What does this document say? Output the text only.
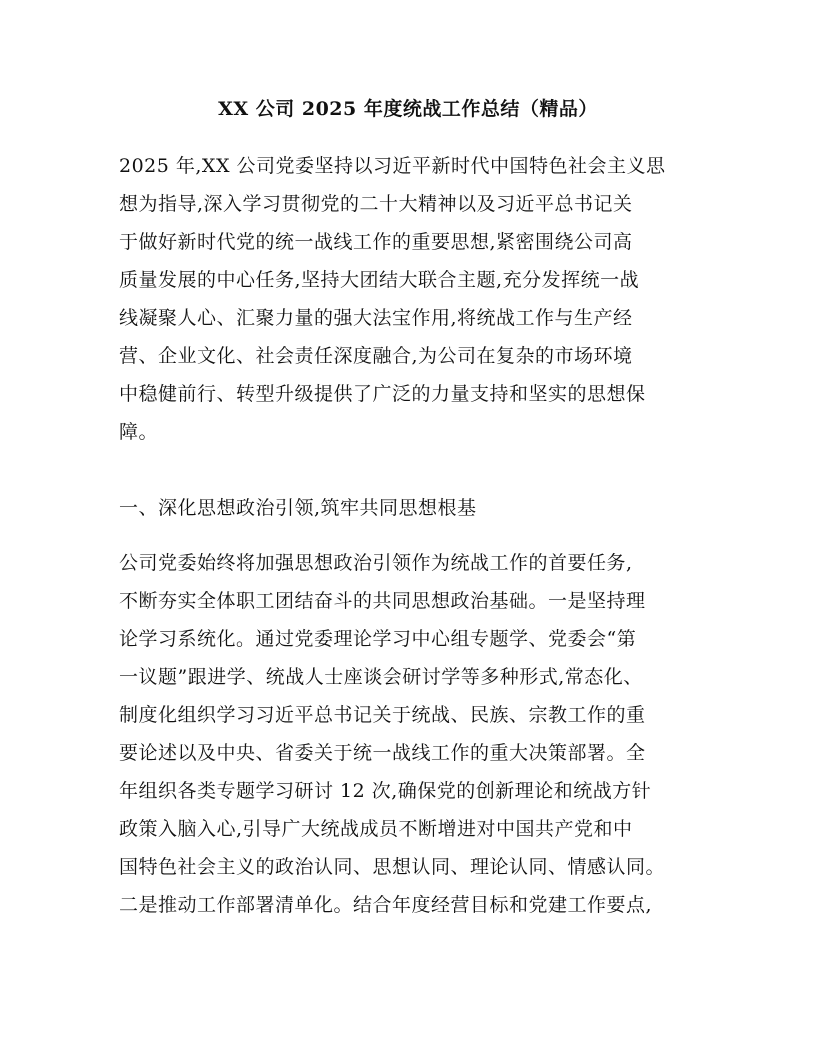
XX 公司 2025 年度统战工作总结（精品）
2025 年,XX 公司党委坚持以习近平新时代中国特色社会主义思
想为指导,深入学习贯彻党的二十大精神以及习近平总书记关
于做好新时代党的统一战线工作的重要思想,紧密围绕公司高
质量发展的中心任务,坚持大团结大联合主题,充分发挥统一战
线凝聚人心、汇聚力量的强大法宝作用,将统战工作与生产经
营、企业文化、社会责任深度融合,为公司在复杂的市场环境
中稳健前行、转型升级提供了广泛的力量支持和坚实的思想保
障。
一、深化思想政治引领,筑牢共同思想根基
公司党委始终将加强思想政治引领作为统战工作的首要任务,
不断夯实全体职工团结奋斗的共同思想政治基础。一是坚持理
论学习系统化。通过党委理论学习中心组专题学、党委会“第
一议题”跟进学、统战人士座谈会研讨学等多种形式,常态化、
制度化组织学习习近平总书记关于统战、民族、宗教工作的重
要论述以及中央、省委关于统一战线工作的重大决策部署。全
年组织各类专题学习研讨 12 次,确保党的创新理论和统战方针
政策入脑入心,引导广大统战成员不断增进对中国共产党和中
国特色社会主义的政治认同、思想认同、理论认同、情感认同。
二是推动工作部署清单化。结合年度经营目标和党建工作要点,
